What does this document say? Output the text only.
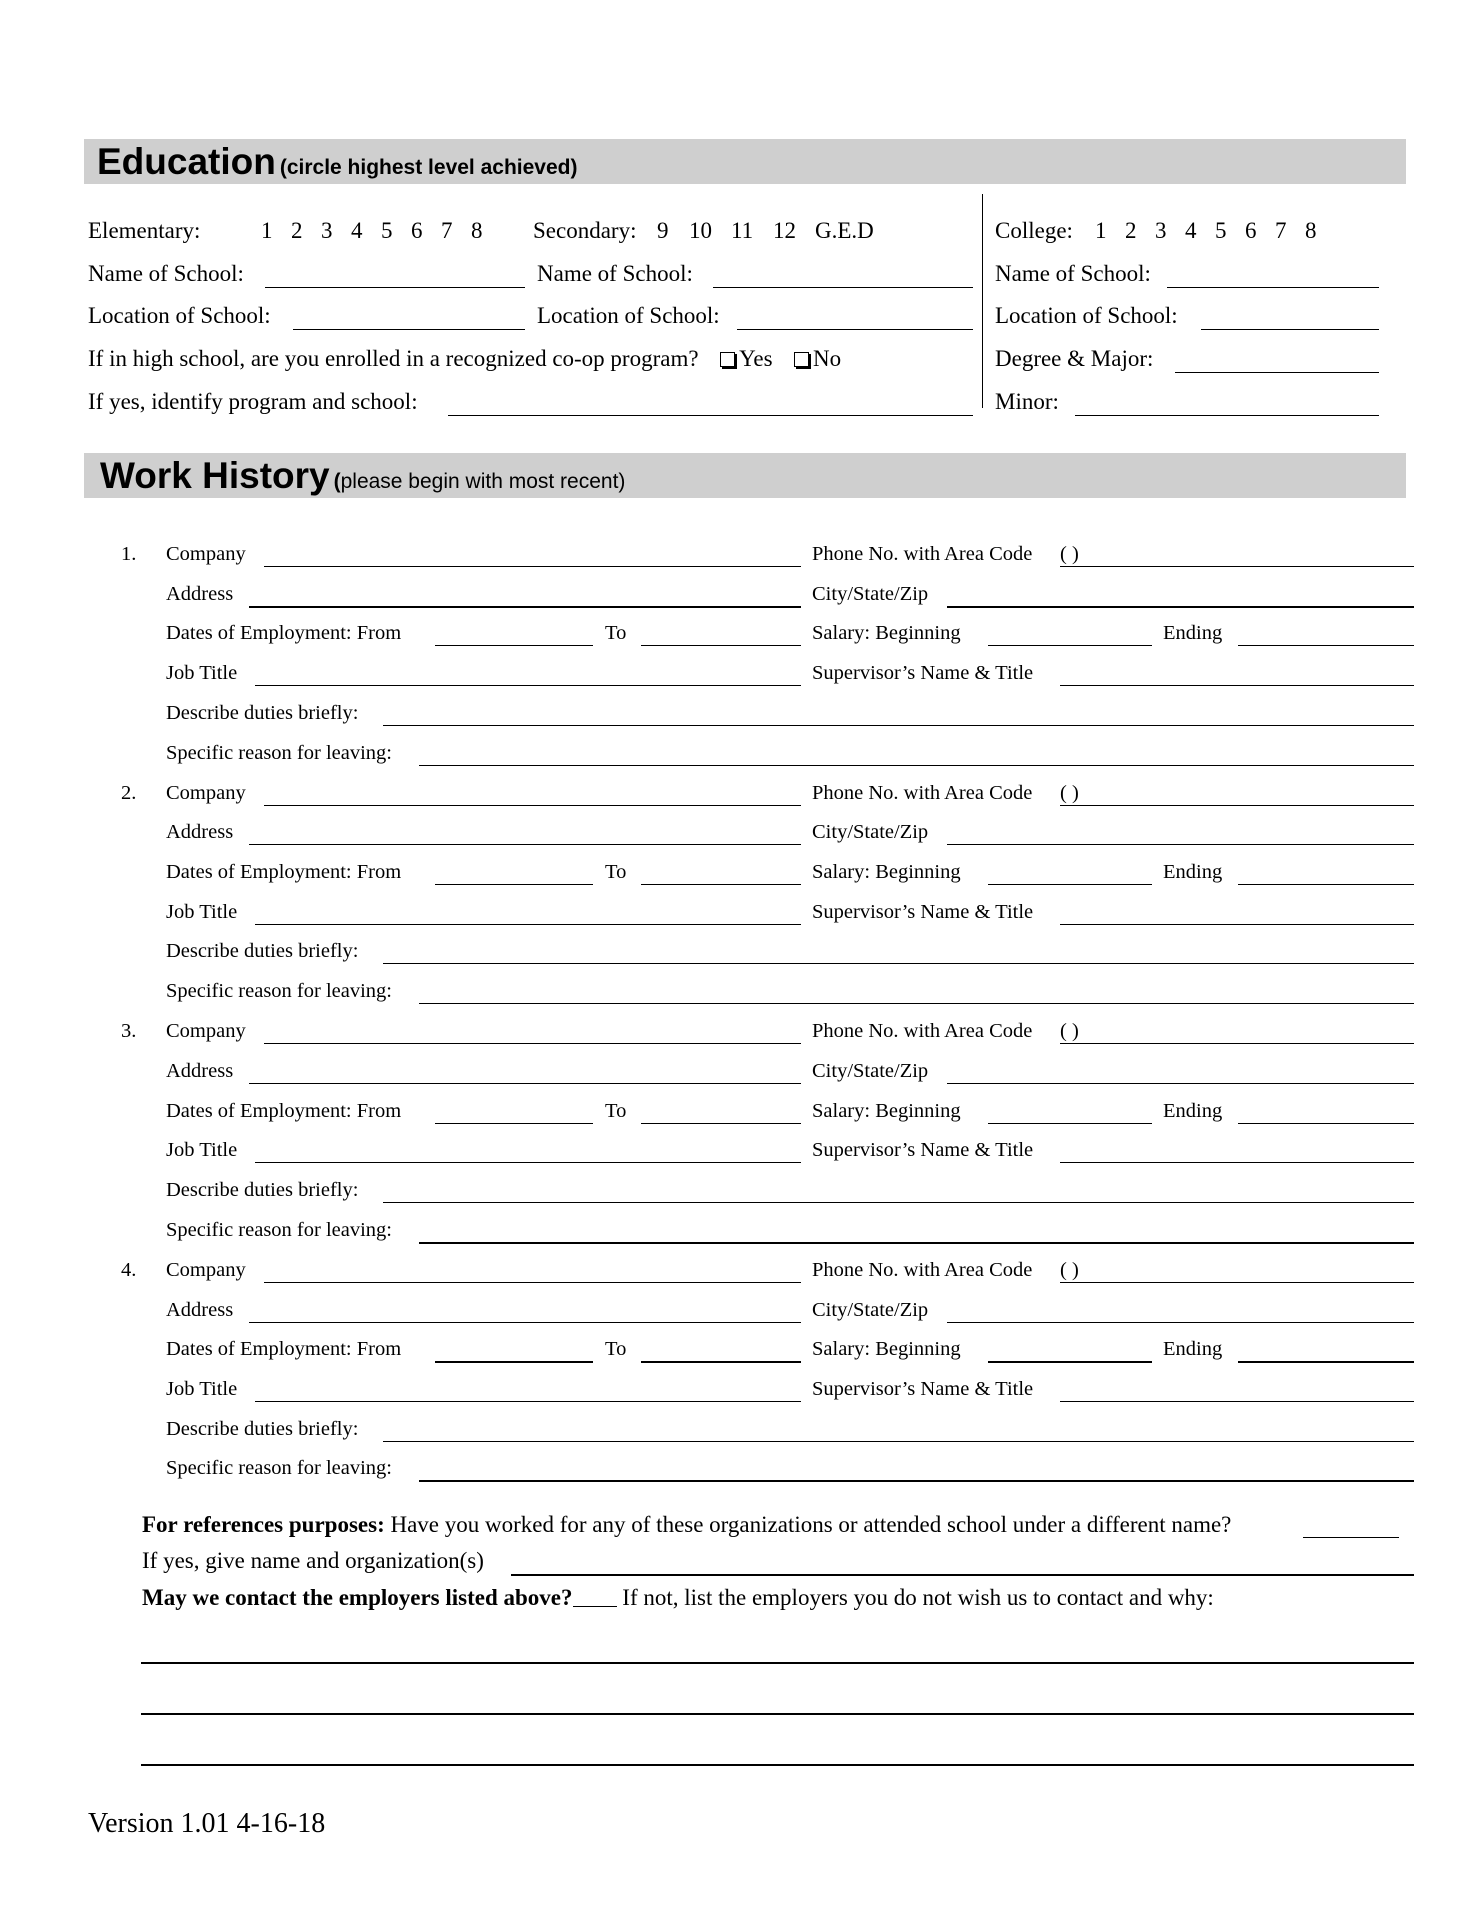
Education (circle highest level achieved)
Elementary:	1 2 3 4 5 6 7 8 Secondary: 9 10 11 12 G.E.D	College: 1 2 3 4 5 6 7 8
Name of School:	Name of School:	Name of School:
Location of School:	Location of School:	Location of School:
If in high school, are you enrolled in a recognized co-op program? Yes No	Degree & Major:
If yes, identify program and school:	Minor:
Work History (please begin with most recent)
1. Company	Phone No. with Area Code ( )
Address	City/State/Zip
Dates of Employment: From	To	Salary: Beginning	Ending
Job Title	Supervisor’s Name & Title
Describe duties briefly:
Specific reason for leaving:
2. Company	Phone No. with Area Code ( )
Address	City/State/Zip
Dates of Employment: From	To	Salary: Beginning	Ending
Job Title	Supervisor’s Name & Title
Describe duties briefly:
Specific reason for leaving:
3. Company	Phone No. with Area Code ( )
Address	City/State/Zip
Dates of Employment: From	To	Salary: Beginning	Ending
Job Title	Supervisor’s Name & Title
Describe duties briefly:
Specific reason for leaving:
4. Company	Phone No. with Area Code ( )
Address	City/State/Zip
Dates of Employment: From	To	Salary: Beginning	Ending
Job Title	Supervisor’s Name & Title
Describe duties briefly:
Specific reason for leaving:
For references purposes: Have you worked for any of these organizations or attended school under a different name?
If yes, give name and organization(s)
May we contact the employers listed above? If not, list the employers you do not wish us to contact and why:
Version 1.01 4-16-18
